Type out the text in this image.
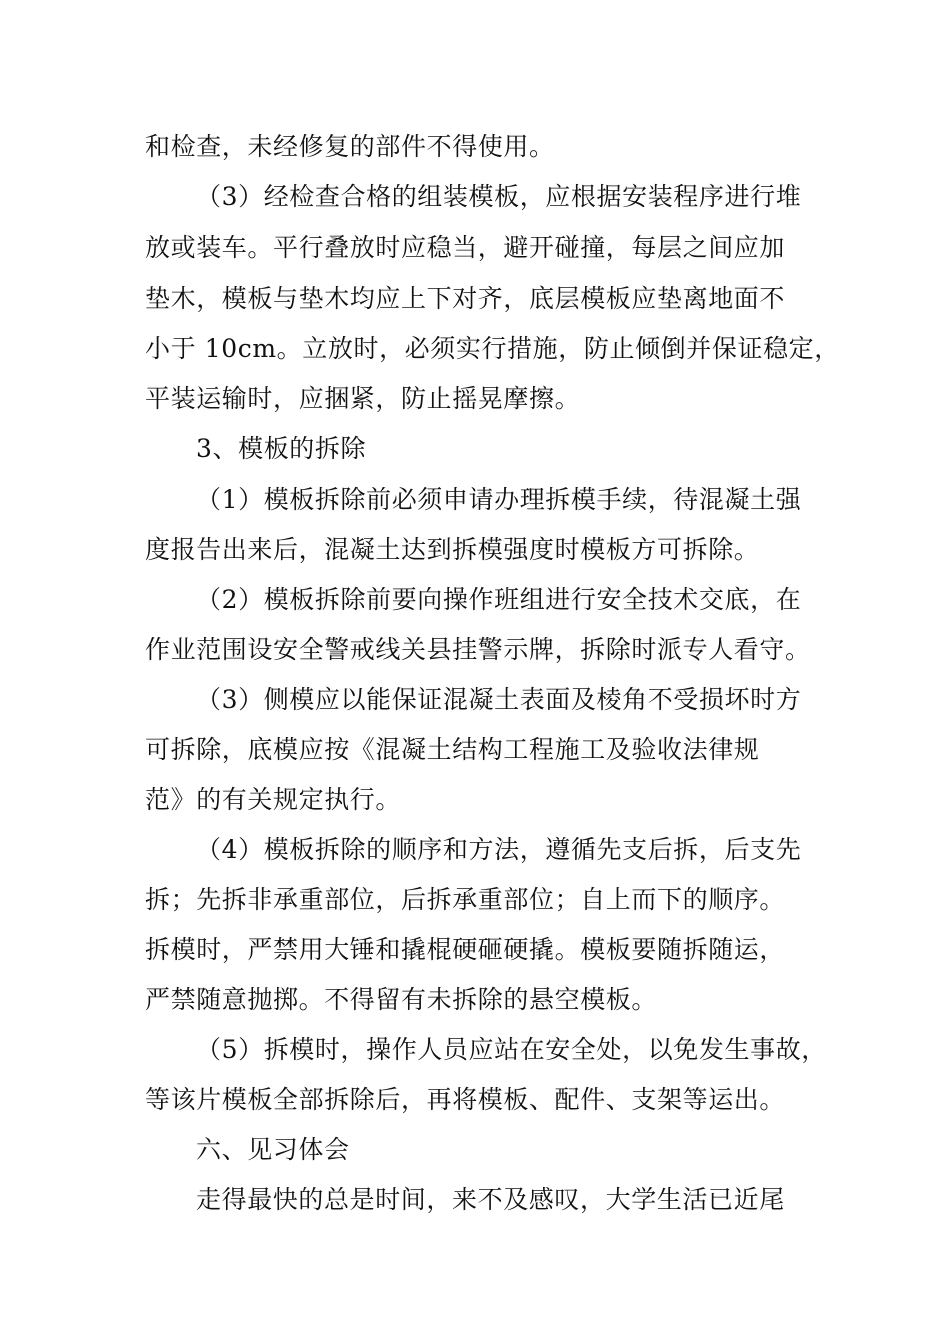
和检查，未经修复的部件不得使用。
（3）经检查合格的组装模板，应根据安装程序进行堆
放或装车。平行叠放时应稳当，避开碰撞，每层之间应加
垫木，模板与垫木均应上下对齐，底层模板应垫离地面不
小于 10cm。立放时，必须实行措施，防止倾倒并保证稳定，
平装运输时，应捆紧，防止摇晃摩擦。
3、模板的拆除
（1）模板拆除前必须申请办理拆模手续，待混凝土强
度报告出来后，混凝土达到拆模强度时模板方可拆除。
（2）模板拆除前要向操作班组进行安全技术交底，在
作业范围设安全警戒线关县挂警示牌，拆除时派专人看守。
（3）侧模应以能保证混凝土表面及棱角不受损坏时方
可拆除，底模应按《混凝土结构工程施工及验收法律规
范》的有关规定执行。
（4）模板拆除的顺序和方法，遵循先支后拆，后支先
拆；先拆非承重部位，后拆承重部位；自上而下的顺序。
拆模时，严禁用大锤和撬棍硬砸硬撬。模板要随拆随运，
严禁随意抛掷。不得留有未拆除的悬空模板。
（5）拆模时，操作人员应站在安全处，以免发生事故，
等该片模板全部拆除后，再将模板、配件、支架等运出。
六、见习体会
走得最快的总是时间，来不及感叹，大学生活已近尾
